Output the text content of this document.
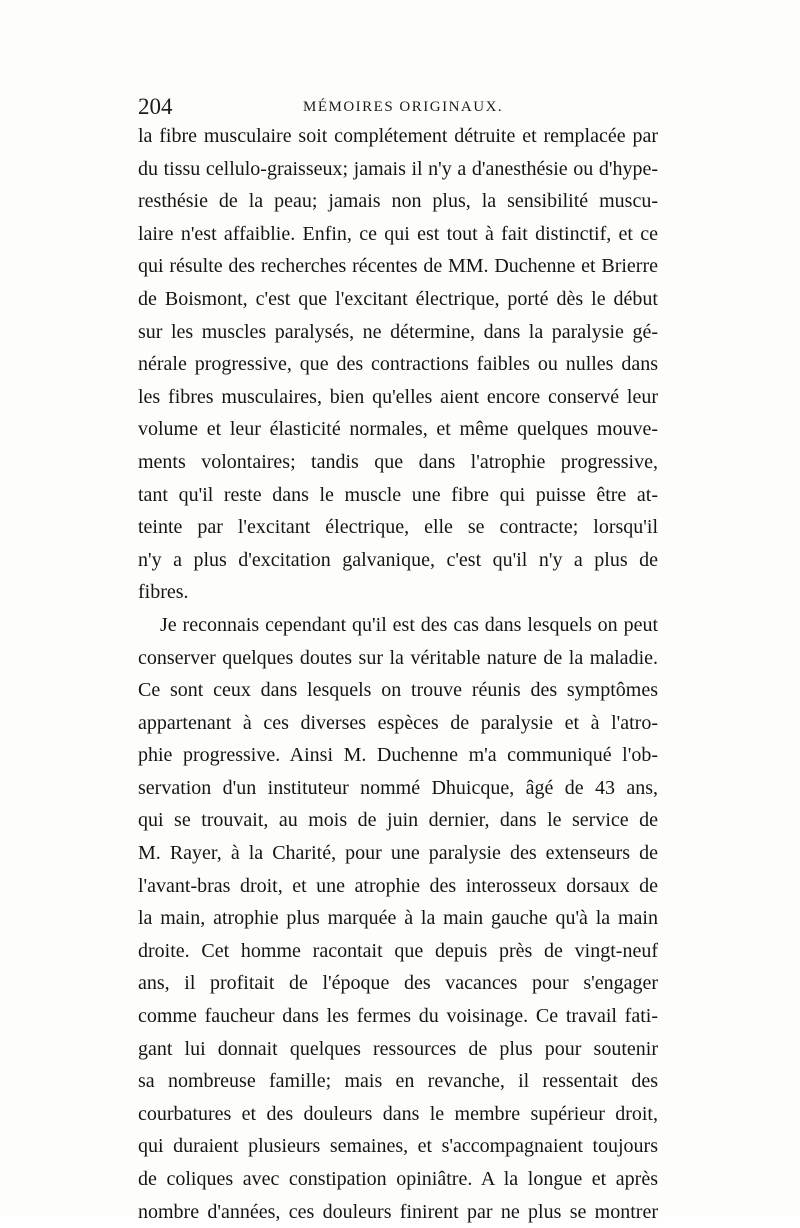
204	MÉMOIRES ORIGINAUX.
la fibre musculaire soit complétement détruite et remplacée par
du tissu cellulo-graisseux; jamais il n'y a d'anesthésie ou d'hype-
resthésie de la peau; jamais non plus, la sensibilité muscu-
laire n'est affaiblie. Enfin, ce qui est tout à fait distinctif, et ce
qui résulte des recherches récentes de MM. Duchenne et Brierre
de Boismont, c'est que l'excitant électrique, porté dès le début
sur les muscles paralysés, ne détermine, dans la paralysie gé-
nérale progressive, que des contractions faibles ou nulles dans
les fibres musculaires, bien qu'elles aient encore conservé leur
volume et leur élasticité normales, et même quelques mouve-
ments volontaires; tandis que dans l'atrophie progressive,
tant qu'il reste dans le muscle une fibre qui puisse être at-
teinte par l'excitant électrique, elle se contracte; lorsqu'il
n'y a plus d'excitation galvanique, c'est qu'il n'y a plus de
fibres.
Je reconnais cependant qu'il est des cas dans lesquels on peut
conserver quelques doutes sur la véritable nature de la maladie.
Ce sont ceux dans lesquels on trouve réunis des symptômes
appartenant à ces diverses espèces de paralysie et à l'atro-
phie progressive. Ainsi M. Duchenne m'a communiqué l'ob-
servation d'un instituteur nommé Dhuicque, âgé de 43 ans,
qui se trouvait, au mois de juin dernier, dans le service de
M. Rayer, à la Charité, pour une paralysie des extenseurs de
l'avant-bras droit, et une atrophie des interosseux dorsaux de
la main, atrophie plus marquée à la main gauche qu'à la main
droite. Cet homme racontait que depuis près de vingt-neuf
ans, il profitait de l'époque des vacances pour s'engager
comme faucheur dans les fermes du voisinage. Ce travail fati-
gant lui donnait quelques ressources de plus pour soutenir
sa nombreuse famille; mais en revanche, il ressentait des
courbatures et des douleurs dans le membre supérieur droit,
qui duraient plusieurs semaines, et s'accompagnaient toujours
de coliques avec constipation opiniâtre. A la longue et après
nombre d'années, ces douleurs finirent par ne plus se montrer
